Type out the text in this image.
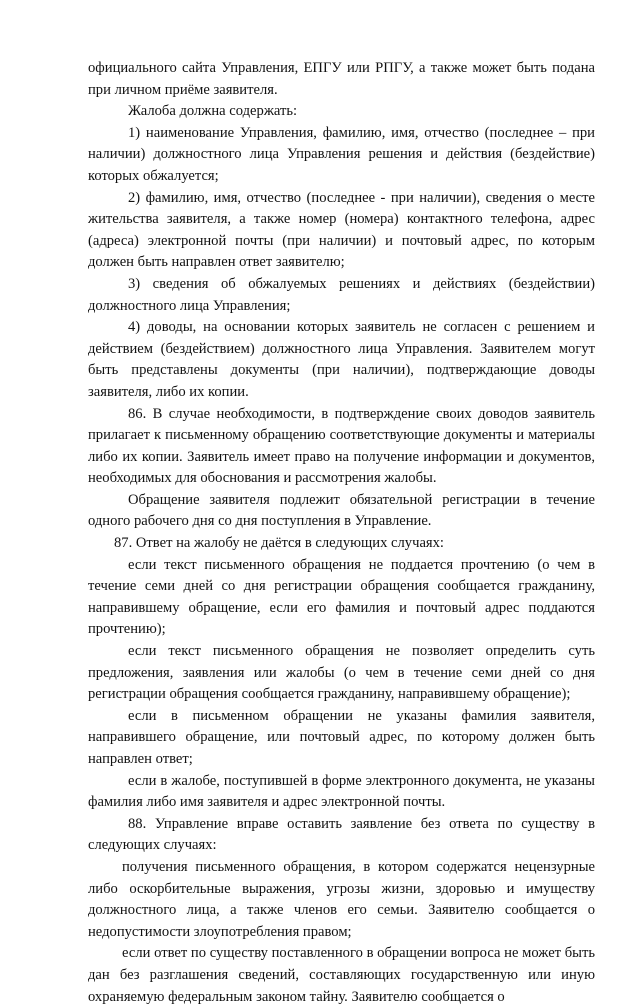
официального сайта Управления, ЕПГУ или РПГУ, а также может быть подана при личном приёме заявителя.

Жалоба должна содержать:

1) наименование Управления, фамилию, имя, отчество (последнее – при наличии) должностного лица Управления решения и действия (бездействие) которых обжалуется;

2) фамилию, имя, отчество (последнее - при наличии), сведения о месте жительства заявителя, а также номер (номера) контактного телефона, адрес (адреса) электронной почты (при наличии) и почтовый адрес, по которым должен быть направлен ответ заявителю;

3) сведения об обжалуемых решениях и действиях (бездействии) должностного лица Управления;

4) доводы, на основании которых заявитель не согласен с решением и действием (бездействием) должностного лица Управления. Заявителем могут быть представлены документы (при наличии), подтверждающие доводы заявителя, либо их копии.

86. В случае необходимости, в подтверждение своих доводов заявитель прилагает к письменному обращению соответствующие документы и материалы либо их копии. Заявитель имеет право на получение информации и документов, необходимых для обоснования и рассмотрения жалобы.

Обращение заявителя подлежит обязательной регистрации в течение одного рабочего дня со дня поступления в Управление.

87. Ответ на жалобу не даётся в следующих случаях:

если текст письменного обращения не поддается прочтению (о чем в течение семи дней со дня регистрации обращения сообщается гражданину, направившему обращение, если его фамилия и почтовый адрес поддаются прочтению);

если текст письменного обращения не позволяет определить суть предложения, заявления или жалобы (о чем в течение семи дней со дня регистрации обращения сообщается гражданину, направившему обращение);

если в письменном обращении не указаны фамилия заявителя, направившего обращение, или почтовый адрес, по которому должен быть направлен ответ;

если в жалобе, поступившей в форме электронного документа, не указаны фамилия либо имя заявителя и адрес электронной почты.

88. Управление вправе оставить заявление без ответа по существу в следующих случаях:

получения письменного обращения, в котором содержатся нецензурные либо оскорбительные выражения, угрозы жизни, здоровью и имуществу должностного лица, а также членов его семьи. Заявителю сообщается о недопустимости злоупотребления правом;

если ответ по существу поставленного в обращении вопроса не может быть дан без разглашения сведений, составляющих государственную или иную охраняемую федеральным законом тайну. Заявителю сообщается о
